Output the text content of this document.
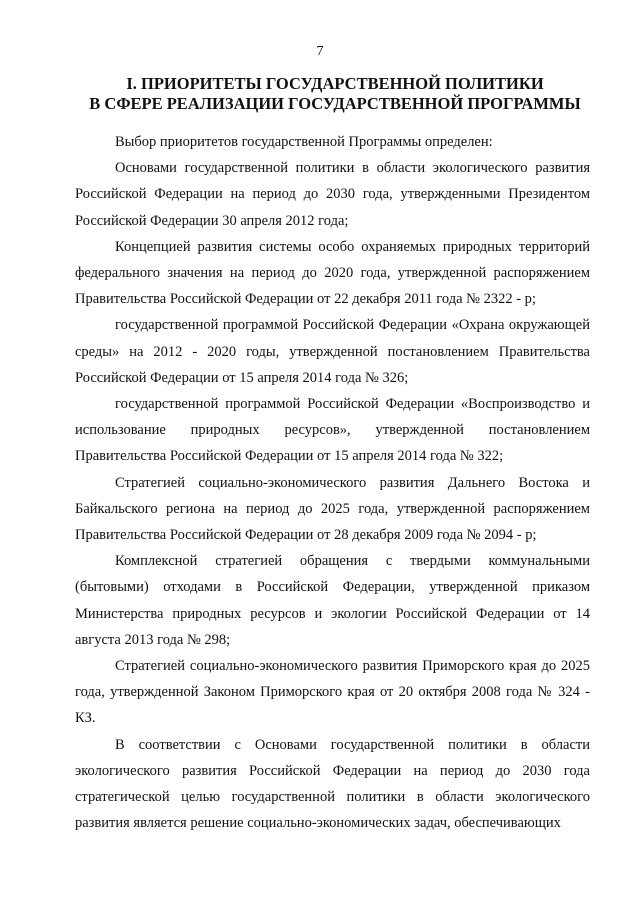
7
I. ПРИОРИТЕТЫ ГОСУДАРСТВЕННОЙ ПОЛИТИКИ
В СФЕРЕ РЕАЛИЗАЦИИ ГОСУДАРСТВЕННОЙ ПРОГРАММЫ

Выбор приоритетов государственной Программы определен:

Основами государственной политики в области экологического развития Российской Федерации на период до 2030 года, утвержденными Президентом Российской Федерации 30 апреля 2012 года;

Концепцией развития системы особо охраняемых природных территорий федерального значения на период до 2020 года, утвержденной распоряжением Правительства Российской Федерации от 22 декабря 2011 года № 2322 - р;

государственной программой Российской Федерации «Охрана окружающей среды» на 2012 - 2020 годы, утвержденной постановлением Правительства Российской Федерации от 15 апреля 2014 года № 326;

государственной программой Российской Федерации «Воспроизводство и использование природных ресурсов», утвержденной постановлением Правительства Российской Федерации от 15 апреля 2014 года № 322;

Стратегией социально-экономического развития Дальнего Востока и Байкальского региона на период до 2025 года, утвержденной распоряжением Правительства Российской Федерации от 28 декабря 2009 года № 2094 - р;

Комплексной стратегией обращения с твердыми коммунальными (бытовыми) отходами в Российской Федерации, утвержденной приказом Министерства природных ресурсов и экологии Российской Федерации от 14 августа 2013 года № 298;

Стратегией социально-экономического развития Приморского края до 2025 года, утвержденной Законом Приморского края от 20 октября 2008 года № 324 - КЗ.

В соответствии с Основами государственной политики в области экологического развития Российской Федерации на период до 2030 года стратегической целью государственной политики в области экологического развития является решение социально-экономических задач, обеспечивающих
